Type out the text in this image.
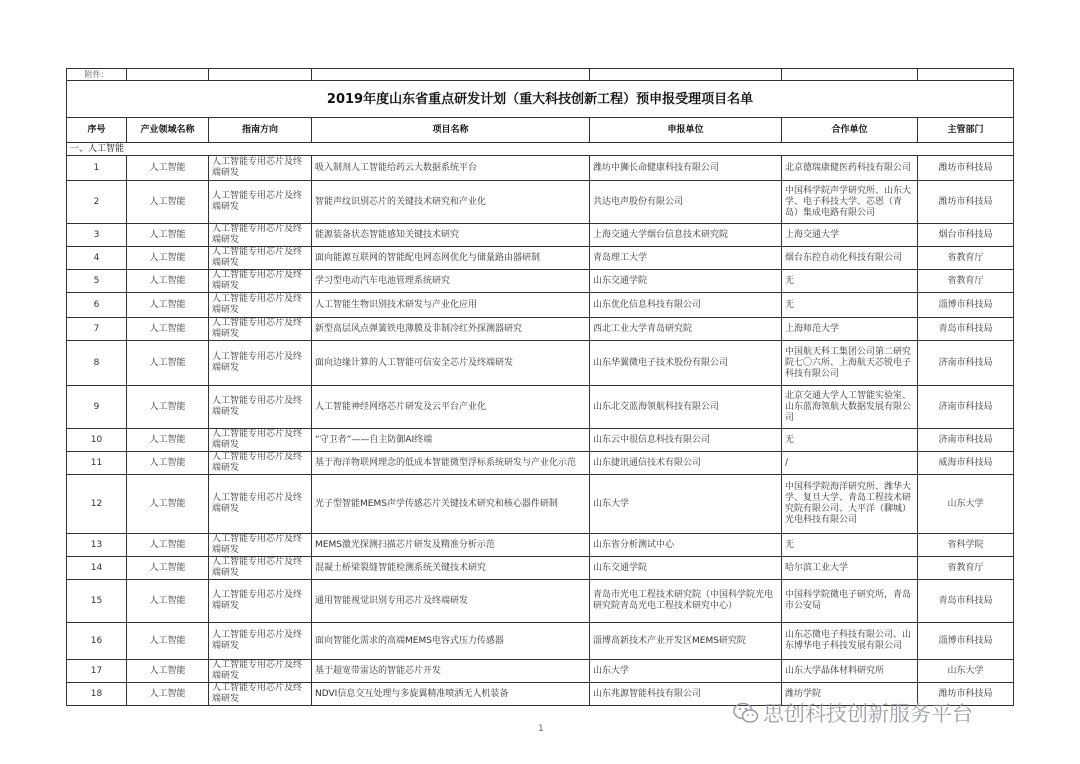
附件：						
2019年度山东省重点研发计划（重大科技创新工程）预申报受理项目名单						
序号	产业领域名称	指南方向	项目名称	申报单位	合作单位	主管部门
一、人工智能						
1	人工智能	人工智能专用芯片及终端研发	吸入制剂人工智能给药云大数据系统平台	潍坊中狮长命健康科技有限公司	北京德瑞康健医药科技有限公司	潍坊市科技局
2	人工智能	人工智能专用芯片及终端研发	智能声纹识别芯片的关键技术研究和产业化	共达电声股份有限公司	中国科学院声学研究所、山东大学、电子科技大学、芯恩（青岛）集成电路有限公司	潍坊市科技局
3	人工智能	人工智能专用芯片及终端研发	能源装备状态智能感知关键技术研究	上海交通大学烟台信息技术研究院	上海交通大学	烟台市科技局
4	人工智能	人工智能专用芯片及终端研发	面向能源互联网的智能配电网态网优化与储量路由器研制	青岛理工大学	烟台东控自动化科技有限公司	省教育厅
5	人工智能	人工智能专用芯片及终端研发	学习型电动汽车电池管理系统研究	山东交通学院	无	省教育厅
6	人工智能	人工智能专用芯片及终端研发	人工智能生物识别技术研发与产业化应用	山东优化信息科技有限公司	无	淄博市科技局
7	人工智能	人工智能专用芯片及终端研发	新型高层风点弹簧铁电薄膜及非制冷红外探测器研究	西北工业大学青岛研究院	上海师范大学	青岛市科技局
8	人工智能	人工智能专用芯片及终端研发	面向边缘计算的人工智能可信安全芯片及终端研发	山东华翼微电子技术股份有限公司	中国航天科工集团公司第二研究院七〇六所、上海航天芯锐电子科技有限公司	济南市科技局
9	人工智能	人工智能专用芯片及终端研发	人工智能神经网络芯片研发及云平台产业化	山东北交蓝海领航科技有限公司	北京交通大学人工智能实验室、山东蓝海领航大数据发展有限公司	济南市科技局
10	人工智能	人工智能专用芯片及终端研发	“守卫者”——自主防御AI终端	山东云中很信息科技有限公司	无	济南市科技局
11	人工智能	人工智能专用芯片及终端研发	基于海洋物联网理念的低成本智能微型浮标系统研发与产业化示范	山东捷讯通信技术有限公司	/	威海市科技局
12	人工智能	人工智能专用芯片及终端研发	光子型智能MEMS声学传感芯片关键技术研究和核心器件研制	山东大学	中国科学院海洋研究所、潍华大学、复旦大学、青岛工程技术研究院有限公司、大平洋（聊城）光电科技有限公司	山东大学
13	人工智能	人工智能专用芯片及终端研发	MEMS激光探测扫描芯片研发及精准分析示范	山东省分析测试中心	无	省科学院
14	人工智能	人工智能专用芯片及终端研发	混凝土桥梁裂缝智能检测系统关键技术研究	山东交通学院	哈尔滨工业大学	省教育厅
15	人工智能	人工智能专用芯片及终端研发	通用智能视觉识别专用芯片及终端研发	青岛市光电工程技术研究院（中国科学院光电研究院青岛光电工程技术研究中心）	中国科学院微电子研究所，青岛市公安局	青岛市科技局
16	人工智能	人工智能专用芯片及终端研发	面向智能化需求的高端MEMS电容式压力传感器	淄博高新技术产业开发区MEMS研究院	山东芯微电子科技有限公司、山东博华电子科技发展有限公司	淄博市科技局
17	人工智能	人工智能专用芯片及终端研发	基于超宽带雷达的智能芯片开发	山东大学	山东大学晶体材料研究所	山东大学
18	人工智能	人工智能专用芯片及终端研发	NDVI信息交互处理与多旋翼精准喷洒无人机装备	山东兆源智能科技有限公司	潍坊学院	潍坊市科技局
1
思创科技创新服务平台
